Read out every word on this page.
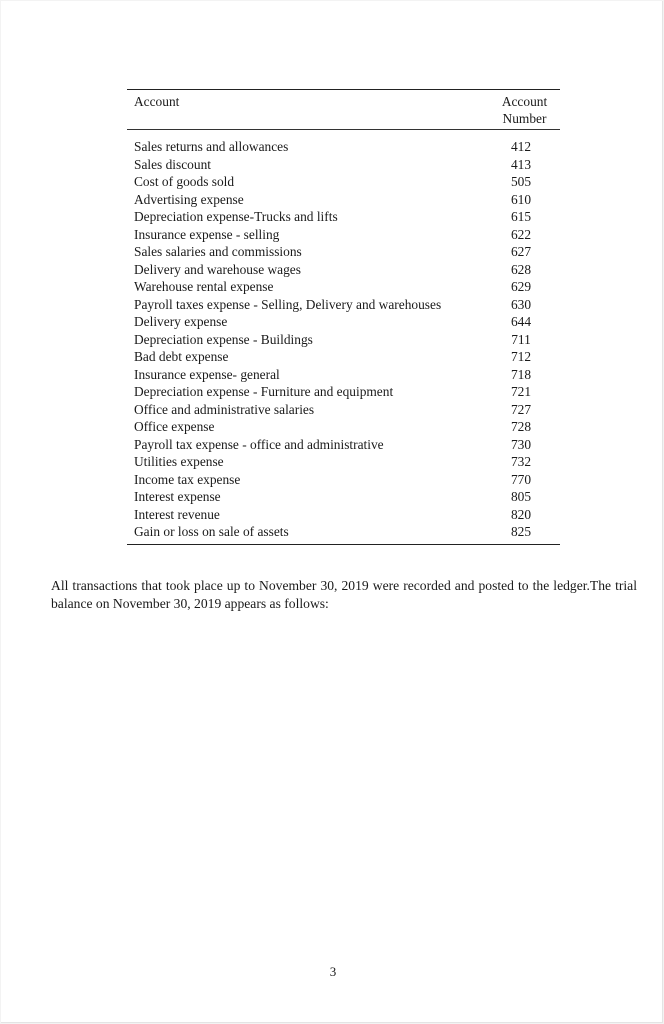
Account	Account
Number
Sales returns and allowances	412
Sales discount	413
Cost of goods sold	505
Advertising expense	610
Depreciation expense-Trucks and lifts	615
Insurance expense - selling	622
Sales salaries and commissions	627
Delivery and warehouse wages	628
Warehouse rental expense	629
Payroll taxes expense - Selling, Delivery and warehouses	630
Delivery expense	644
Depreciation expense - Buildings	711
Bad debt expense	712
Insurance expense- general	718
Depreciation expense - Furniture and equipment	721
Office and administrative salaries	727
Office expense	728
Payroll tax expense - office and administrative	730
Utilities expense	732
Income tax expense	770
Interest expense	805
Interest revenue	820
Gain or loss on sale of assets	825

All transactions that took place up to November 30, 2019 were recorded and posted to the ledger.The trial balance on November 30, 2019 appears as follows:

3
